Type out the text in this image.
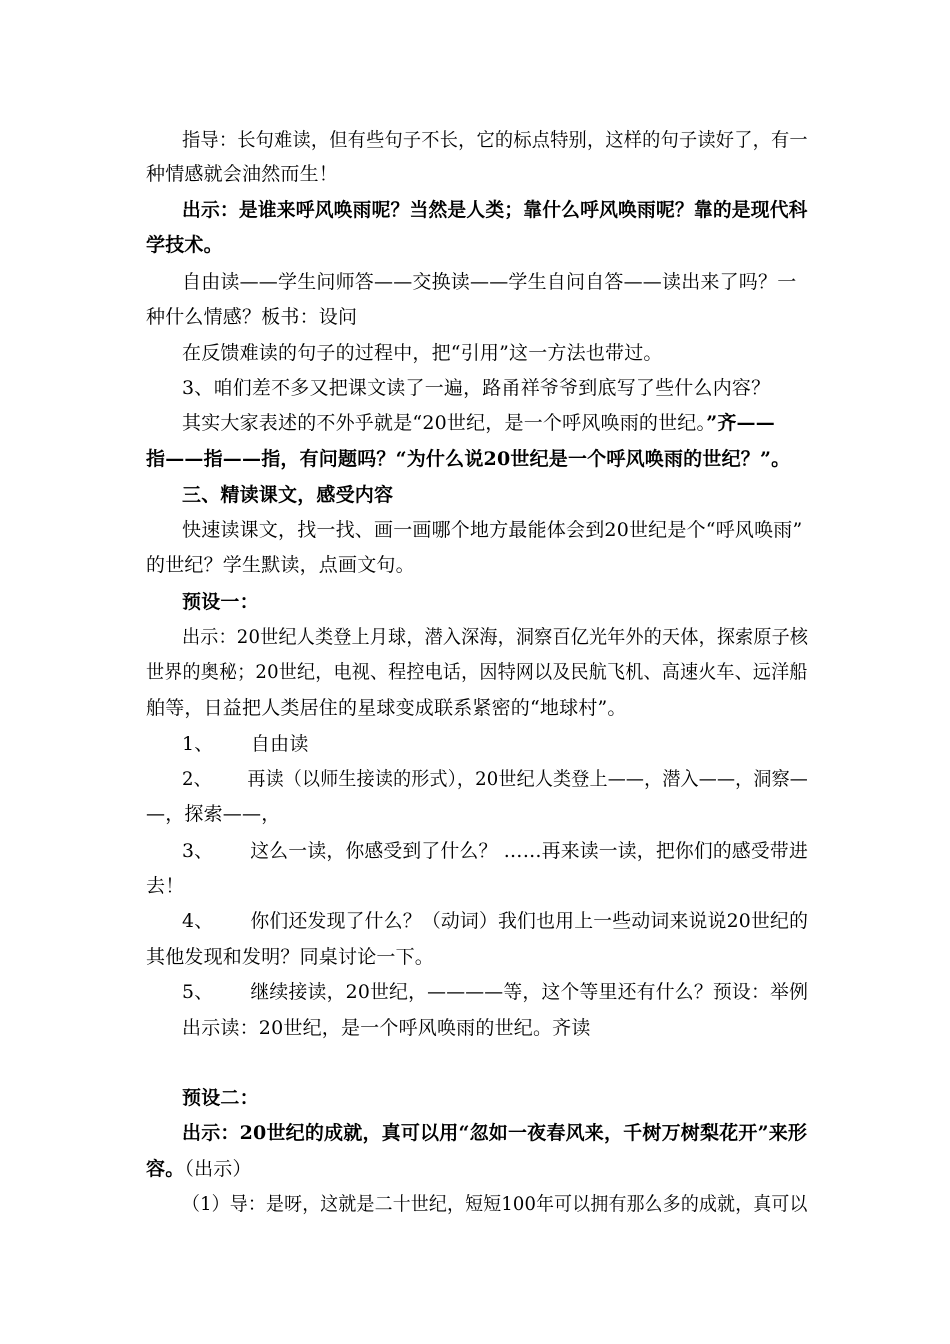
指导：长句难读，但有些句子不长，它的标点特别，这样的句子读好了，有一
种情感就会油然而生！
出示：是谁来呼风唤雨呢？当然是人类；靠什么呼风唤雨呢？靠的是现代科
学技术。
自由读——学生问师答——交换读——学生自问自答——读出来了吗？一
种什么情感？板书：设问
在反馈难读的句子的过程中，把“引用”这一方法也带过。
3、咱们差不多又把课文读了一遍，路甬祥爷爷到底写了些什么内容？
其实大家表述的不外乎就是“20世纪，是一个呼风唤雨的世纪。”齐——
指——指——指，有问题吗？“为什么说20世纪是一个呼风唤雨的世纪？”。
三、精读课文，感受内容
快速读课文，找一找、画一画哪个地方最能体会到20世纪是个“呼风唤雨”
的世纪？学生默读，点画文句。
预设一：
出示：20世纪人类登上月球，潜入深海，洞察百亿光年外的天体，探索原子核
世界的奥秘；20世纪，电视、程控电话，因特网以及民航飞机、高速火车、远洋船
舶等，日益把人类居住的星球变成联系紧密的“地球村”。
1、      自由读
2、      再读（以师生接读的形式），20世纪人类登上——，潜入——，洞察—
—，探索——，
3、      这么一读，你感受到了什么？ ……再来读一读，把你们的感受带进
去！
4、      你们还发现了什么？（动词）我们也用上一些动词来说说20世纪的
其他发现和发明？同桌讨论一下。
5、      继续接读，20世纪，————等，这个等里还有什么？预设：举例
出示读：20世纪，是一个呼风唤雨的世纪。齐读
预设二：
出示：20世纪的成就，真可以用“忽如一夜春风来，千树万树梨花开”来形
容。（出示）
（1）导：是呀，这就是二十世纪，短短100年可以拥有那么多的成就，真可以
